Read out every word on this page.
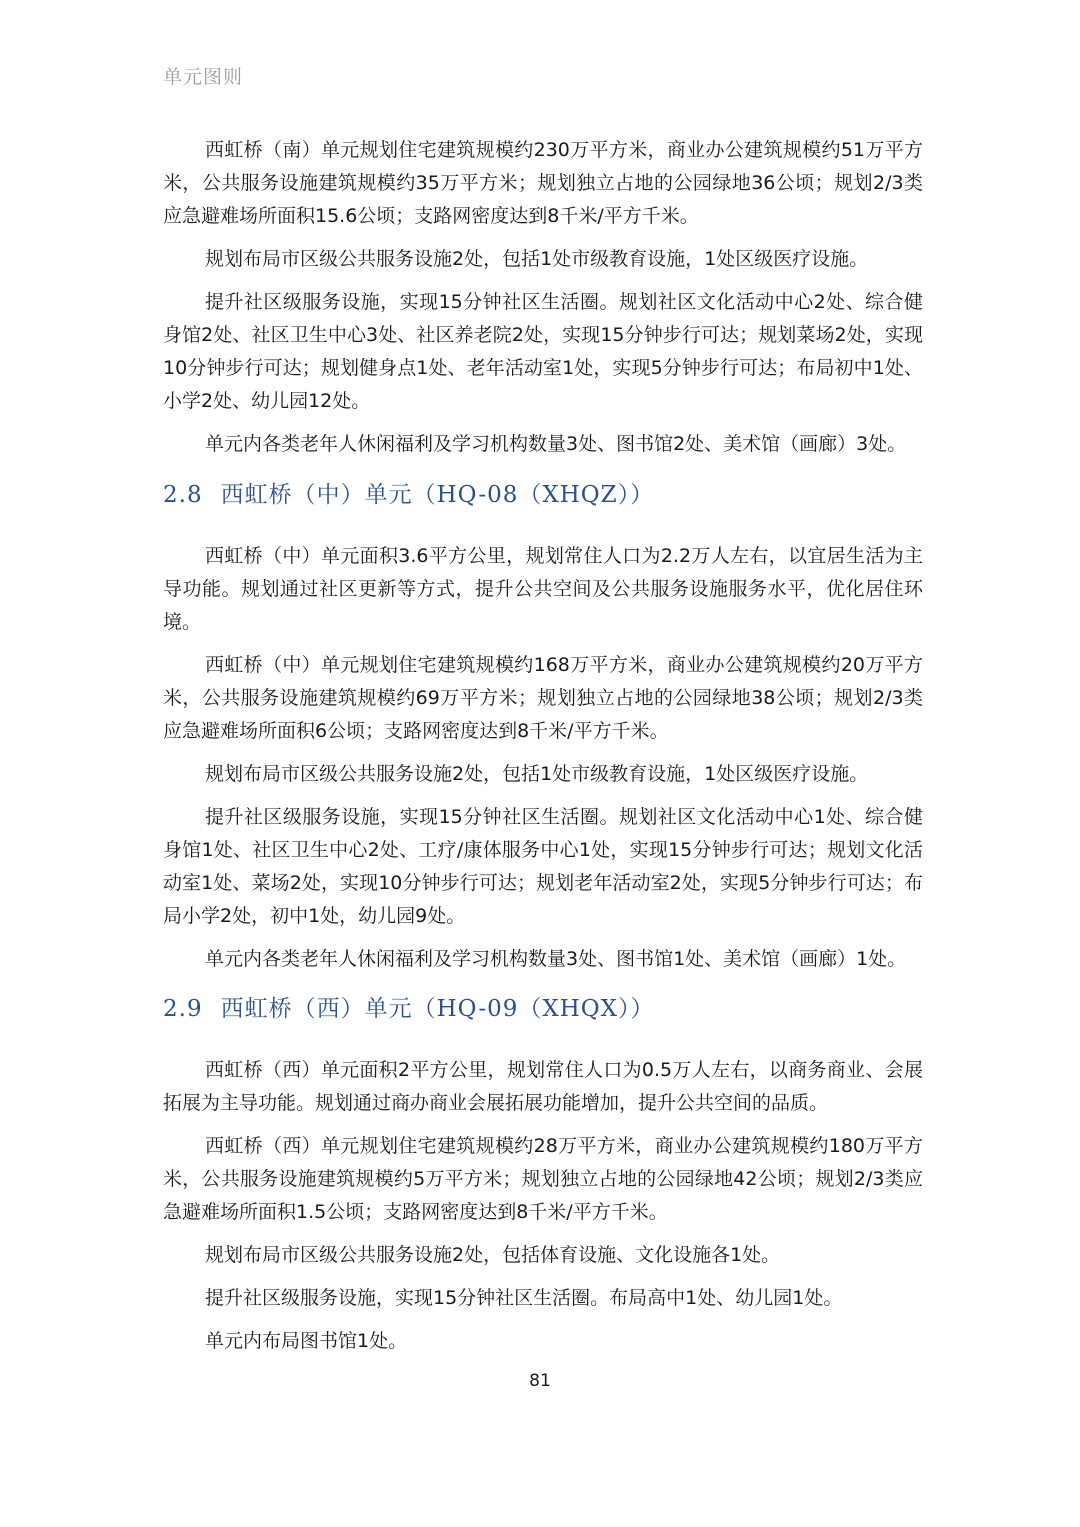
单元图则

西虹桥（南）单元规划住宅建筑规模约230万平方米，商业办公建筑规模约51万平方米，公共服务设施建筑规模约35万平方米；规划独立占地的公园绿地36公顷；规划2/3类应急避难场所面积15.6公顷；支路网密度达到8千米/平方千米。

规划布局市区级公共服务设施2处，包括1处市级教育设施，1处区级医疗设施。

提升社区级服务设施，实现15分钟社区生活圈。规划社区文化活动中心2处、综合健身馆2处、社区卫生中心3处、社区养老院2处，实现15分钟步行可达；规划菜场2处，实现10分钟步行可达；规划健身点1处、老年活动室1处，实现5分钟步行可达；布局初中1处、小学2处、幼儿园12处。

单元内各类老年人休闲福利及学习机构数量3处、图书馆2处、美术馆（画廊）3处。

2.8 西虹桥（中）单元（HQ-08（XHQZ））

西虹桥（中）单元面积3.6平方公里，规划常住人口为2.2万人左右，以宜居生活为主导功能。规划通过社区更新等方式，提升公共空间及公共服务设施服务水平，优化居住环境。

西虹桥（中）单元规划住宅建筑规模约168万平方米，商业办公建筑规模约20万平方米，公共服务设施建筑规模约69万平方米；规划独立占地的公园绿地38公顷；规划2/3类应急避难场所面积6公顷；支路网密度达到8千米/平方千米。

规划布局市区级公共服务设施2处，包括1处市级教育设施，1处区级医疗设施。

提升社区级服务设施，实现15分钟社区生活圈。规划社区文化活动中心1处、综合健身馆1处、社区卫生中心2处、工疗/康体服务中心1处，实现15分钟步行可达；规划文化活动室1处、菜场2处，实现10分钟步行可达；规划老年活动室2处，实现5分钟步行可达；布局小学2处，初中1处，幼儿园9处。

单元内各类老年人休闲福利及学习机构数量3处、图书馆1处、美术馆（画廊）1处。

2.9 西虹桥（西）单元（HQ-09（XHQX））

西虹桥（西）单元面积2平方公里，规划常住人口为0.5万人左右，以商务商业、会展拓展为主导功能。规划通过商办商业会展拓展功能增加，提升公共空间的品质。

西虹桥（西）单元规划住宅建筑规模约28万平方米，商业办公建筑规模约180万平方米，公共服务设施建筑规模约5万平方米；规划独立占地的公园绿地42公顷；规划2/3类应急避难场所面积1.5公顷；支路网密度达到8千米/平方千米。

规划布局市区级公共服务设施2处，包括体育设施、文化设施各1处。

提升社区级服务设施，实现15分钟社区生活圈。布局高中1处、幼儿园1处。

单元内布局图书馆1处。

81
